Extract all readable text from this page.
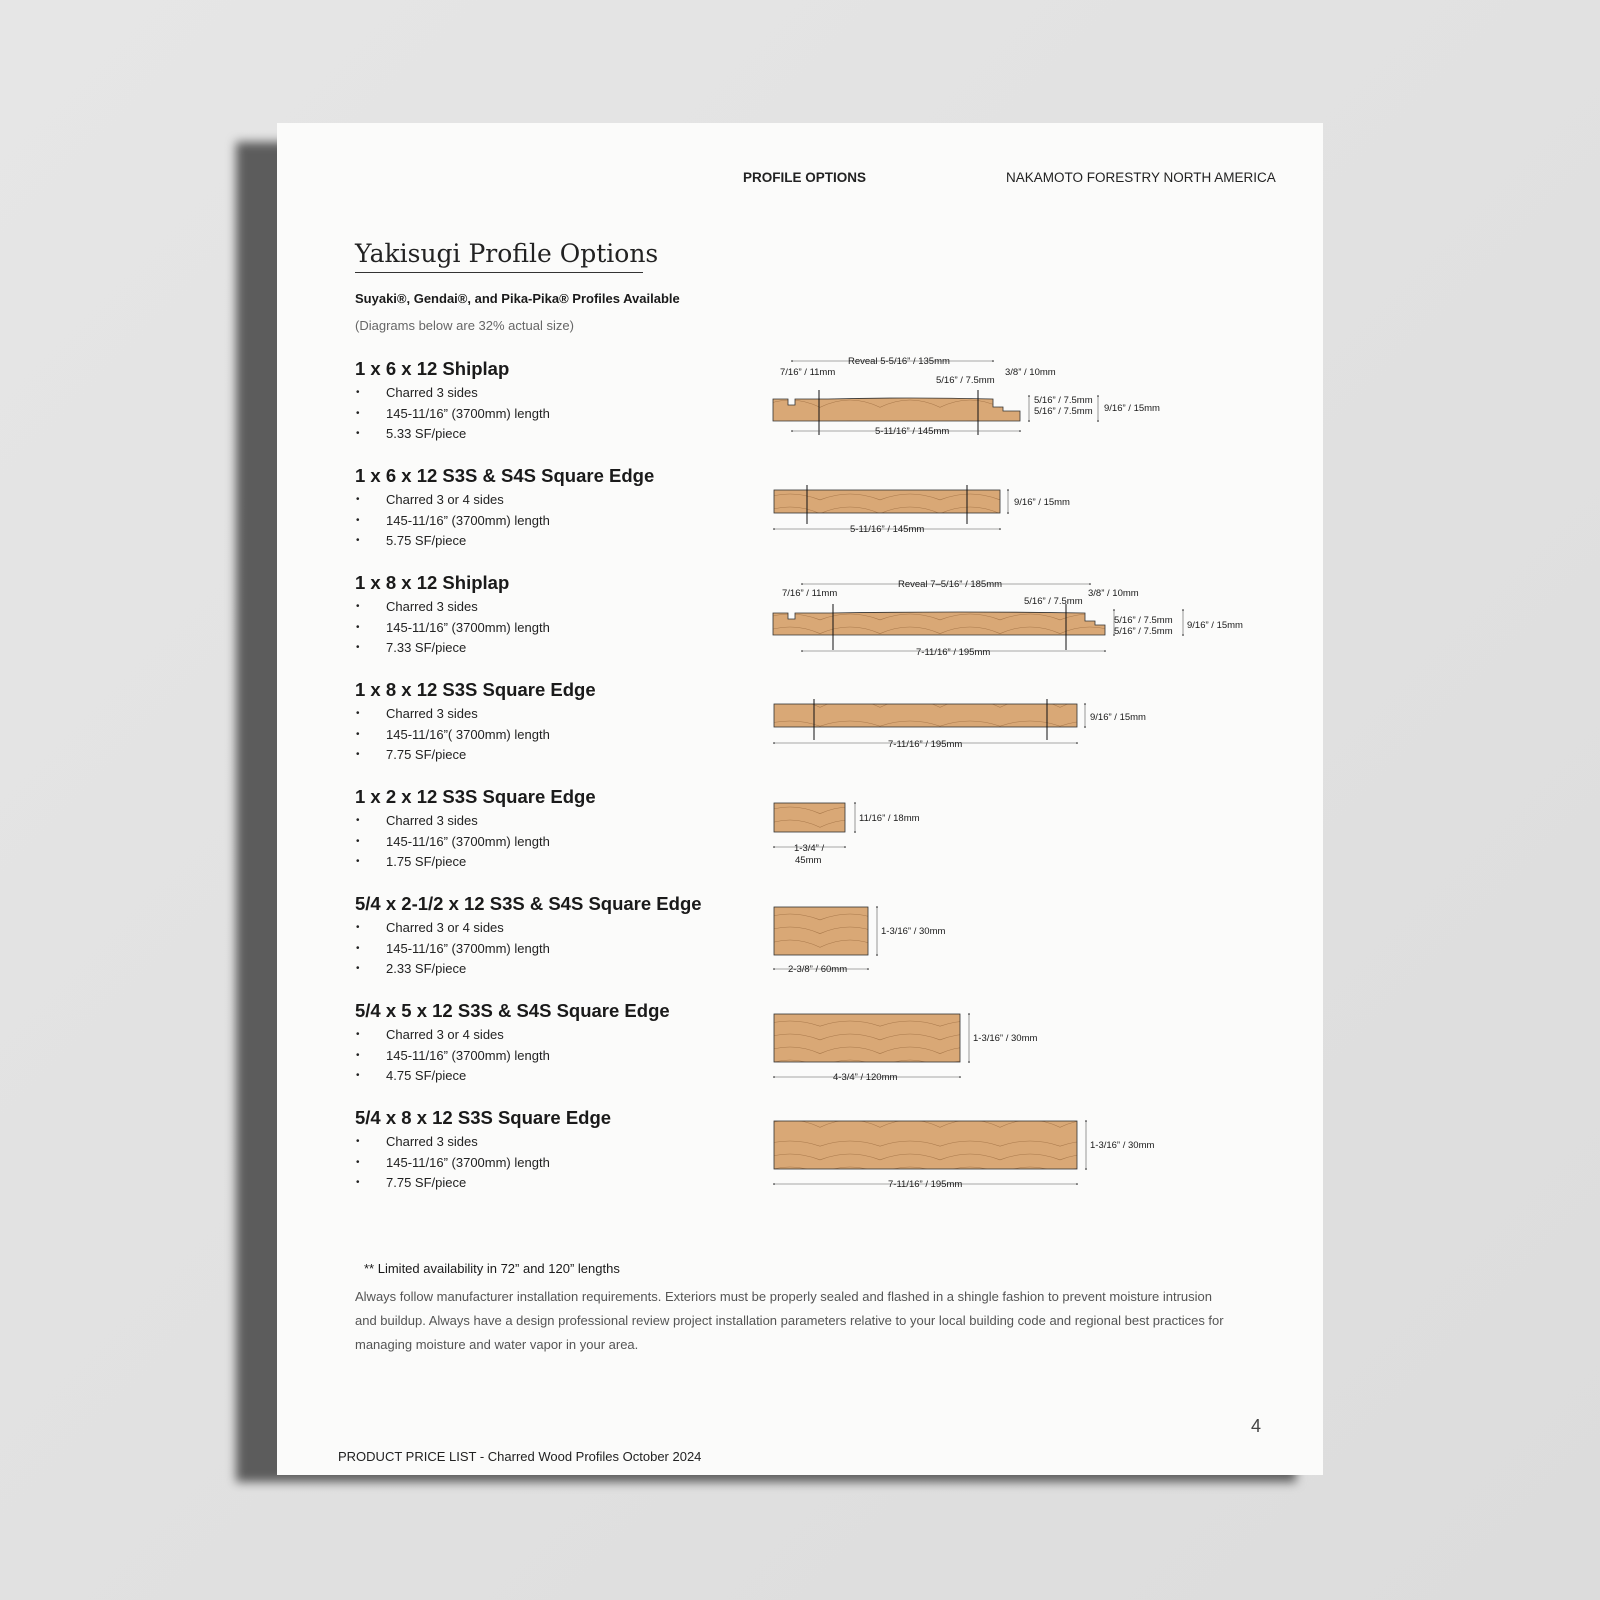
PROFILE OPTIONS	NAKAMOTO FORESTRY NORTH AMERICA
Yakisugi Profile Options
Suyaki®, Gendai®, and Pika-Pika® Profiles Available
(Diagrams below are 32% actual size)
1 x 6 x 12 Shiplap
• Charred 3 sides
• 145-11/16” (3700mm) length
• 5.33 SF/piece
1 x 6 x 12 S3S & S4S Square Edge
• Charred 3 or 4 sides
• 145-11/16” (3700mm) length
• 5.75 SF/piece
1 x 8 x 12 Shiplap
• Charred 3 sides
• 145-11/16” (3700mm) length
• 7.33 SF/piece
1 x 8 x 12 S3S Square Edge
• Charred 3 sides
• 145-11/16”( 3700mm) length
• 7.75 SF/piece
1 x 2 x 12 S3S Square Edge
• Charred 3 sides
• 145-11/16” (3700mm) length
• 1.75 SF/piece
5/4 x 2-1/2 x 12 S3S & S4S Square Edge
• Charred 3 or 4 sides
• 145-11/16” (3700mm) length
• 2.33 SF/piece
5/4 x 5 x 12 S3S & S4S Square Edge
• Charred 3 or 4 sides
• 145-11/16” (3700mm) length
• 4.75 SF/piece
5/4 x 8 x 12 S3S Square Edge
• Charred 3 sides
• 145-11/16” (3700mm) length
• 7.75 SF/piece
Reveal 5-5/16” / 135mm
7/16” / 11mm	3/8” / 10mm
5/16” / 7.5mm
5/16” / 7.5mm
5/16” / 7.5mm 9/16” / 15mm
5-11/16” / 145mm
9/16” / 15mm
5-11/16” / 145mm
Reveal 7–5/16” / 185mm
7/16” / 11mm	3/8” / 10mm
5/16” / 7.5mm
5/16” / 7.5mm
5/16” / 7.5mm
9/16” / 15mm
7-11/16” / 195mm
9/16” / 15mm
7-11/16” / 195mm
11/16” / 18mm
1-3/4” /
45mm
1-3/16” / 30mm
2-3/8” / 60mm
1-3/16” / 30mm
4-3/4” / 120mm
1-3/16” / 30mm
7-11/16” / 195mm
** Limited availability in 72” and 120” lengths
Always follow manufacturer installation requirements. Exteriors must be properly sealed and flashed in a shingle fashion to prevent moisture intrusion and buildup. Always have a design professional review project installation parameters relative to your local building code and regional best practices for managing moisture and water vapor in your area.
4
PRODUCT PRICE LIST - Charred Wood Profiles October 2024
